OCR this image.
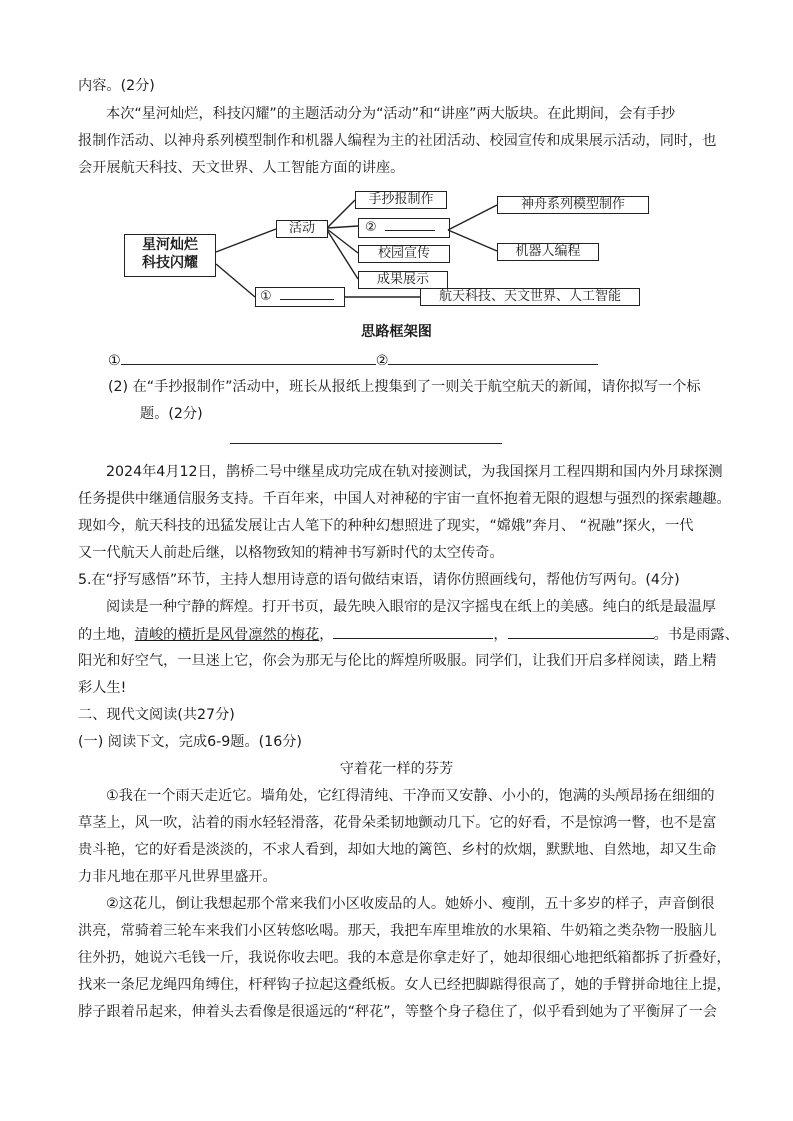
内容。(2分)
本次“星河灿烂，科技闪耀”的主题活动分为“活动”和“讲座”两大版块。在此期间，会有手抄
报制作活动、以神舟系列模型制作和机器人编程为主的社团活动、校园宣传和成果展示活动，同时，也
会开展航天科技、天文世界、人工智能方面的讲座。
星河灿烂
科技闪耀
活动
手抄报制作
②
校园宣传
成果展示
①
神舟系列模型制作
机器人编程
航天科技、天文世界、人工智能
思路框架图
①	②
(2) 在“手抄报制作”活动中，班长从报纸上搜集到了一则关于航空航天的新闻，请你拟写一个标
题。(2分)
2024年4月12日，鹊桥二号中继星成功完成在轨对接测试，为我国探月工程四期和国内外月球探测
任务提供中继通信服务支持。千百年来，中国人对神秘的宇宙一直怀抱着无限的遐想与强烈的探索趣趣。
现如今，航天科技的迅猛发展让古人笔下的种种幻想照进了现实，“嫦娥”奔月、 “祝融”探火，一代
又一代航天人前赴后继，以格物致知的精神书写新时代的太空传奇。
5.在“抒写感悟”环节，主持人想用诗意的语句做结束语，请你仿照画线句，帮他仿写两句。(4分)
阅读是一种宁静的辉煌。打开书页，最先映入眼帘的是汉字摇曳在纸上的美感。纯白的纸是最温厚
的土地，清峻的横折是风骨凛然的梅花，	，	。书是雨露、
阳光和好空气，一旦迷上它，你会为那无与伦比的辉煌所吸服。同学们，让我们开启多样阅读，踏上精
彩人生!
二、现代文阅读(共27分)
(一) 阅读下文，完成6-9题。(16分)
守着花一样的芬芳
①我在一个雨天走近它。墙角处，它红得清纯、干净而又安静、小小的，饱满的头颅昂扬在细细的
草茎上，风一吹，沾着的雨水轻轻滑落，花骨朵柔韧地颤动几下。它的好看，不是惊鸿一瞥，也不是富
贵斗艳，它的好看是淡淡的，不求人看到，却如大地的篱笆、乡村的炊烟，默默地、自然地，却又生命
力非凡地在那平凡世界里盛开。
②这花儿，倒让我想起那个常来我们小区收废品的人。她娇小、瘦削，五十多岁的样子，声音倒很
洪亮，常骑着三轮车来我们小区转悠吆喝。那天，我把车库里堆放的水果箱、牛奶箱之类杂物一股脑儿
往外扔，她说六毛钱一斤，我说你收去吧。我的本意是你拿走好了，她却很细心地把纸箱都拆了折叠好，
找来一条尼龙绳四角缚住，杆秤钩子拉起这叠纸板。女人已经把脚踮得很高了，她的手臂拼命地往上提，
脖子跟着吊起来，伸着头去看像是很遥远的“秤花”，等整个身子稳住了，似乎看到她为了平衡屏了一会
